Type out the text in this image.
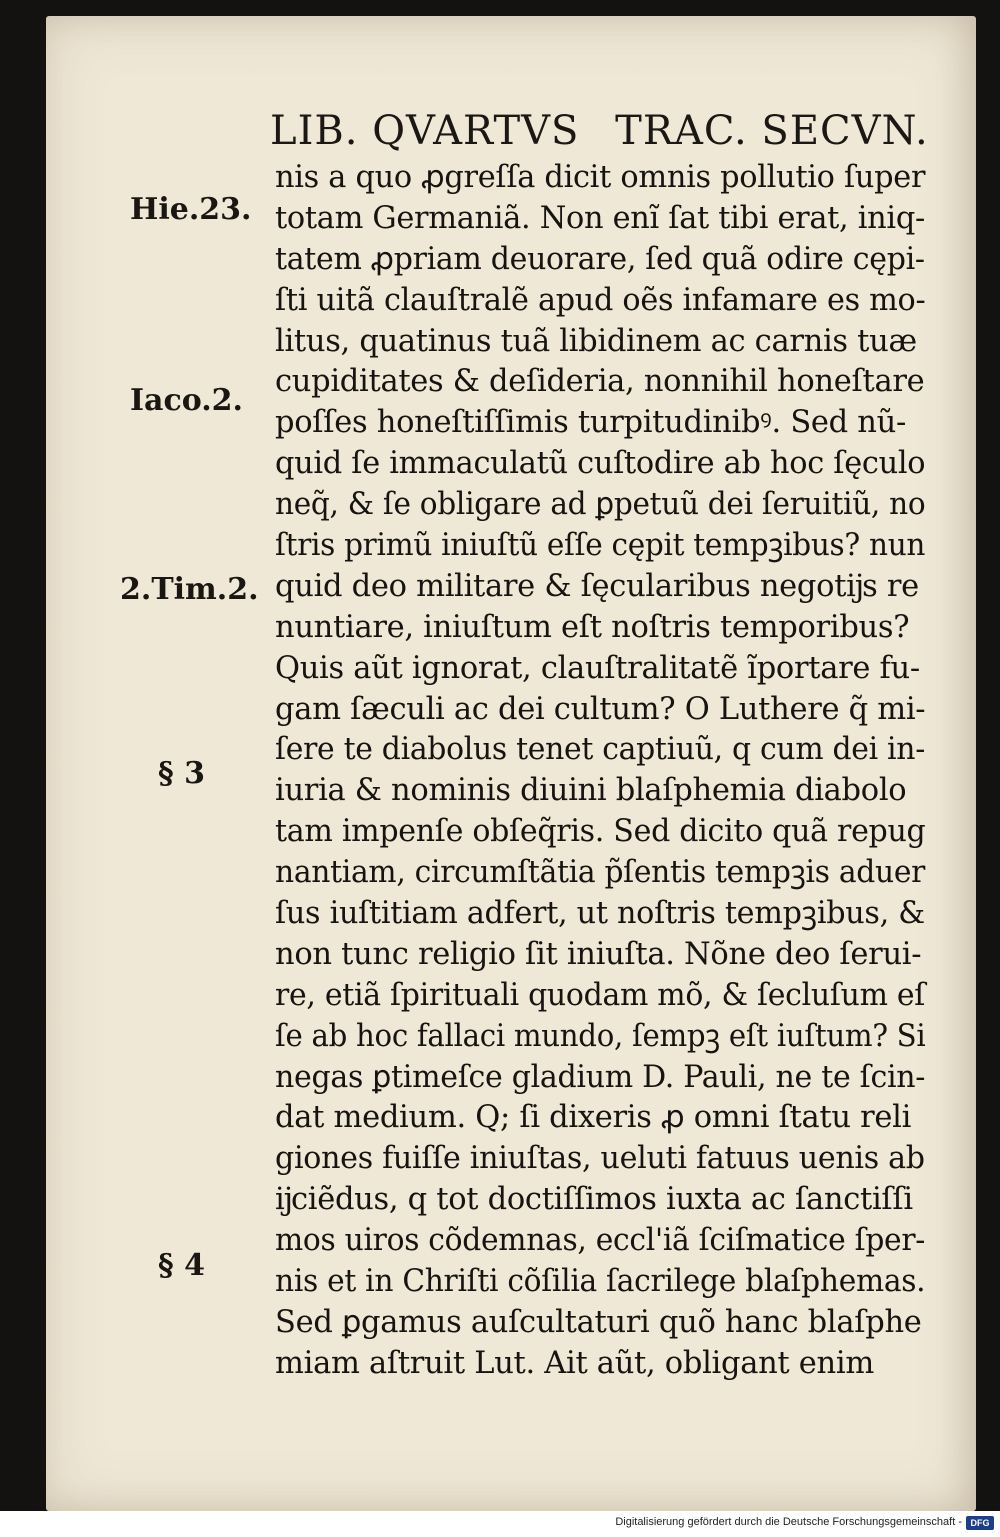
LIB. QVARTVS TRAC. SECVN.
Hie.23.
Iaco.2.
2.Tim.2.
§ 3
§ 4
nis a quo ꝓgreſſa dicit omnis pollutio ſuper
totam Germaniã. Non enĩ ſat tibi erat, iniq-
tatem ꝓpriam deuorare, ſed quã odire cępi-
ſti uitã clauſtralẽ apud oẽs infamare es mo-
litus, quatinus tuã libidinem ac carnis tuæ
cupiditates & deſideria, nonnihil honeſtare
poſſes honeſtiſſimis turpitudinibꝰ. Sed nũ-
quid ſe immaculatũ cuſtodire ab hoc ſęculo
neq̃, & ſe obligare ad ꝑpetuũ dei ſeruitiũ, no
ſtris primũ iniuſtũ eſſe cępit tempꝫibus? nun
quid deo militare & ſęcularibus negotĳs re
nuntiare, iniuſtum eſt noſtris temporibus?
Quis aũt ignorat, clauſtralitatẽ ĩportare fu-
gam ſæculi ac dei cultum? O Luthere q̃ mi-
ſere te diabolus tenet captiuũ, q cum dei in-
iuria & nominis diuini blaſphemia diabolo
tam impenſe obſeq̃ris. Sed dicito quã repug
nantiam, circumſtãtia p̃ſentis tempꝫis aduer
ſus iuſtitiam adfert, ut noſtris tempꝫibus, &
non tunc religio ſit iniuſta. Nõne deo ſerui-
re, etiã ſpirituali quodam mõ, & ſecluſum eſ
ſe ab hoc fallaci mundo, ſempꝫ eſt iuſtum? Si
negas ꝑtimeſce gladium D. Pauli, ne te ſcin-
dat medium. Q; ſi dixeris ꝓ omni ſtatu reli
giones fuiſſe iniuſtas, ueluti fatuus uenis ab
ĳciẽdus, q tot doctiſſimos iuxta ac ſanctiſſi
mos uiros cõdemnas, eccl'iã ſciſmatice ſper-
nis et in Chriſti cõſilia ſacrilege blaſphemas.
Sed ꝑgamus auſcultaturi quõ hanc blaſphe
miam aſtruit Lut. Ait aũt, obligant enim
Digitalisierung gefördert durch die Deutsche Forschungsgemeinschaft - DFG
